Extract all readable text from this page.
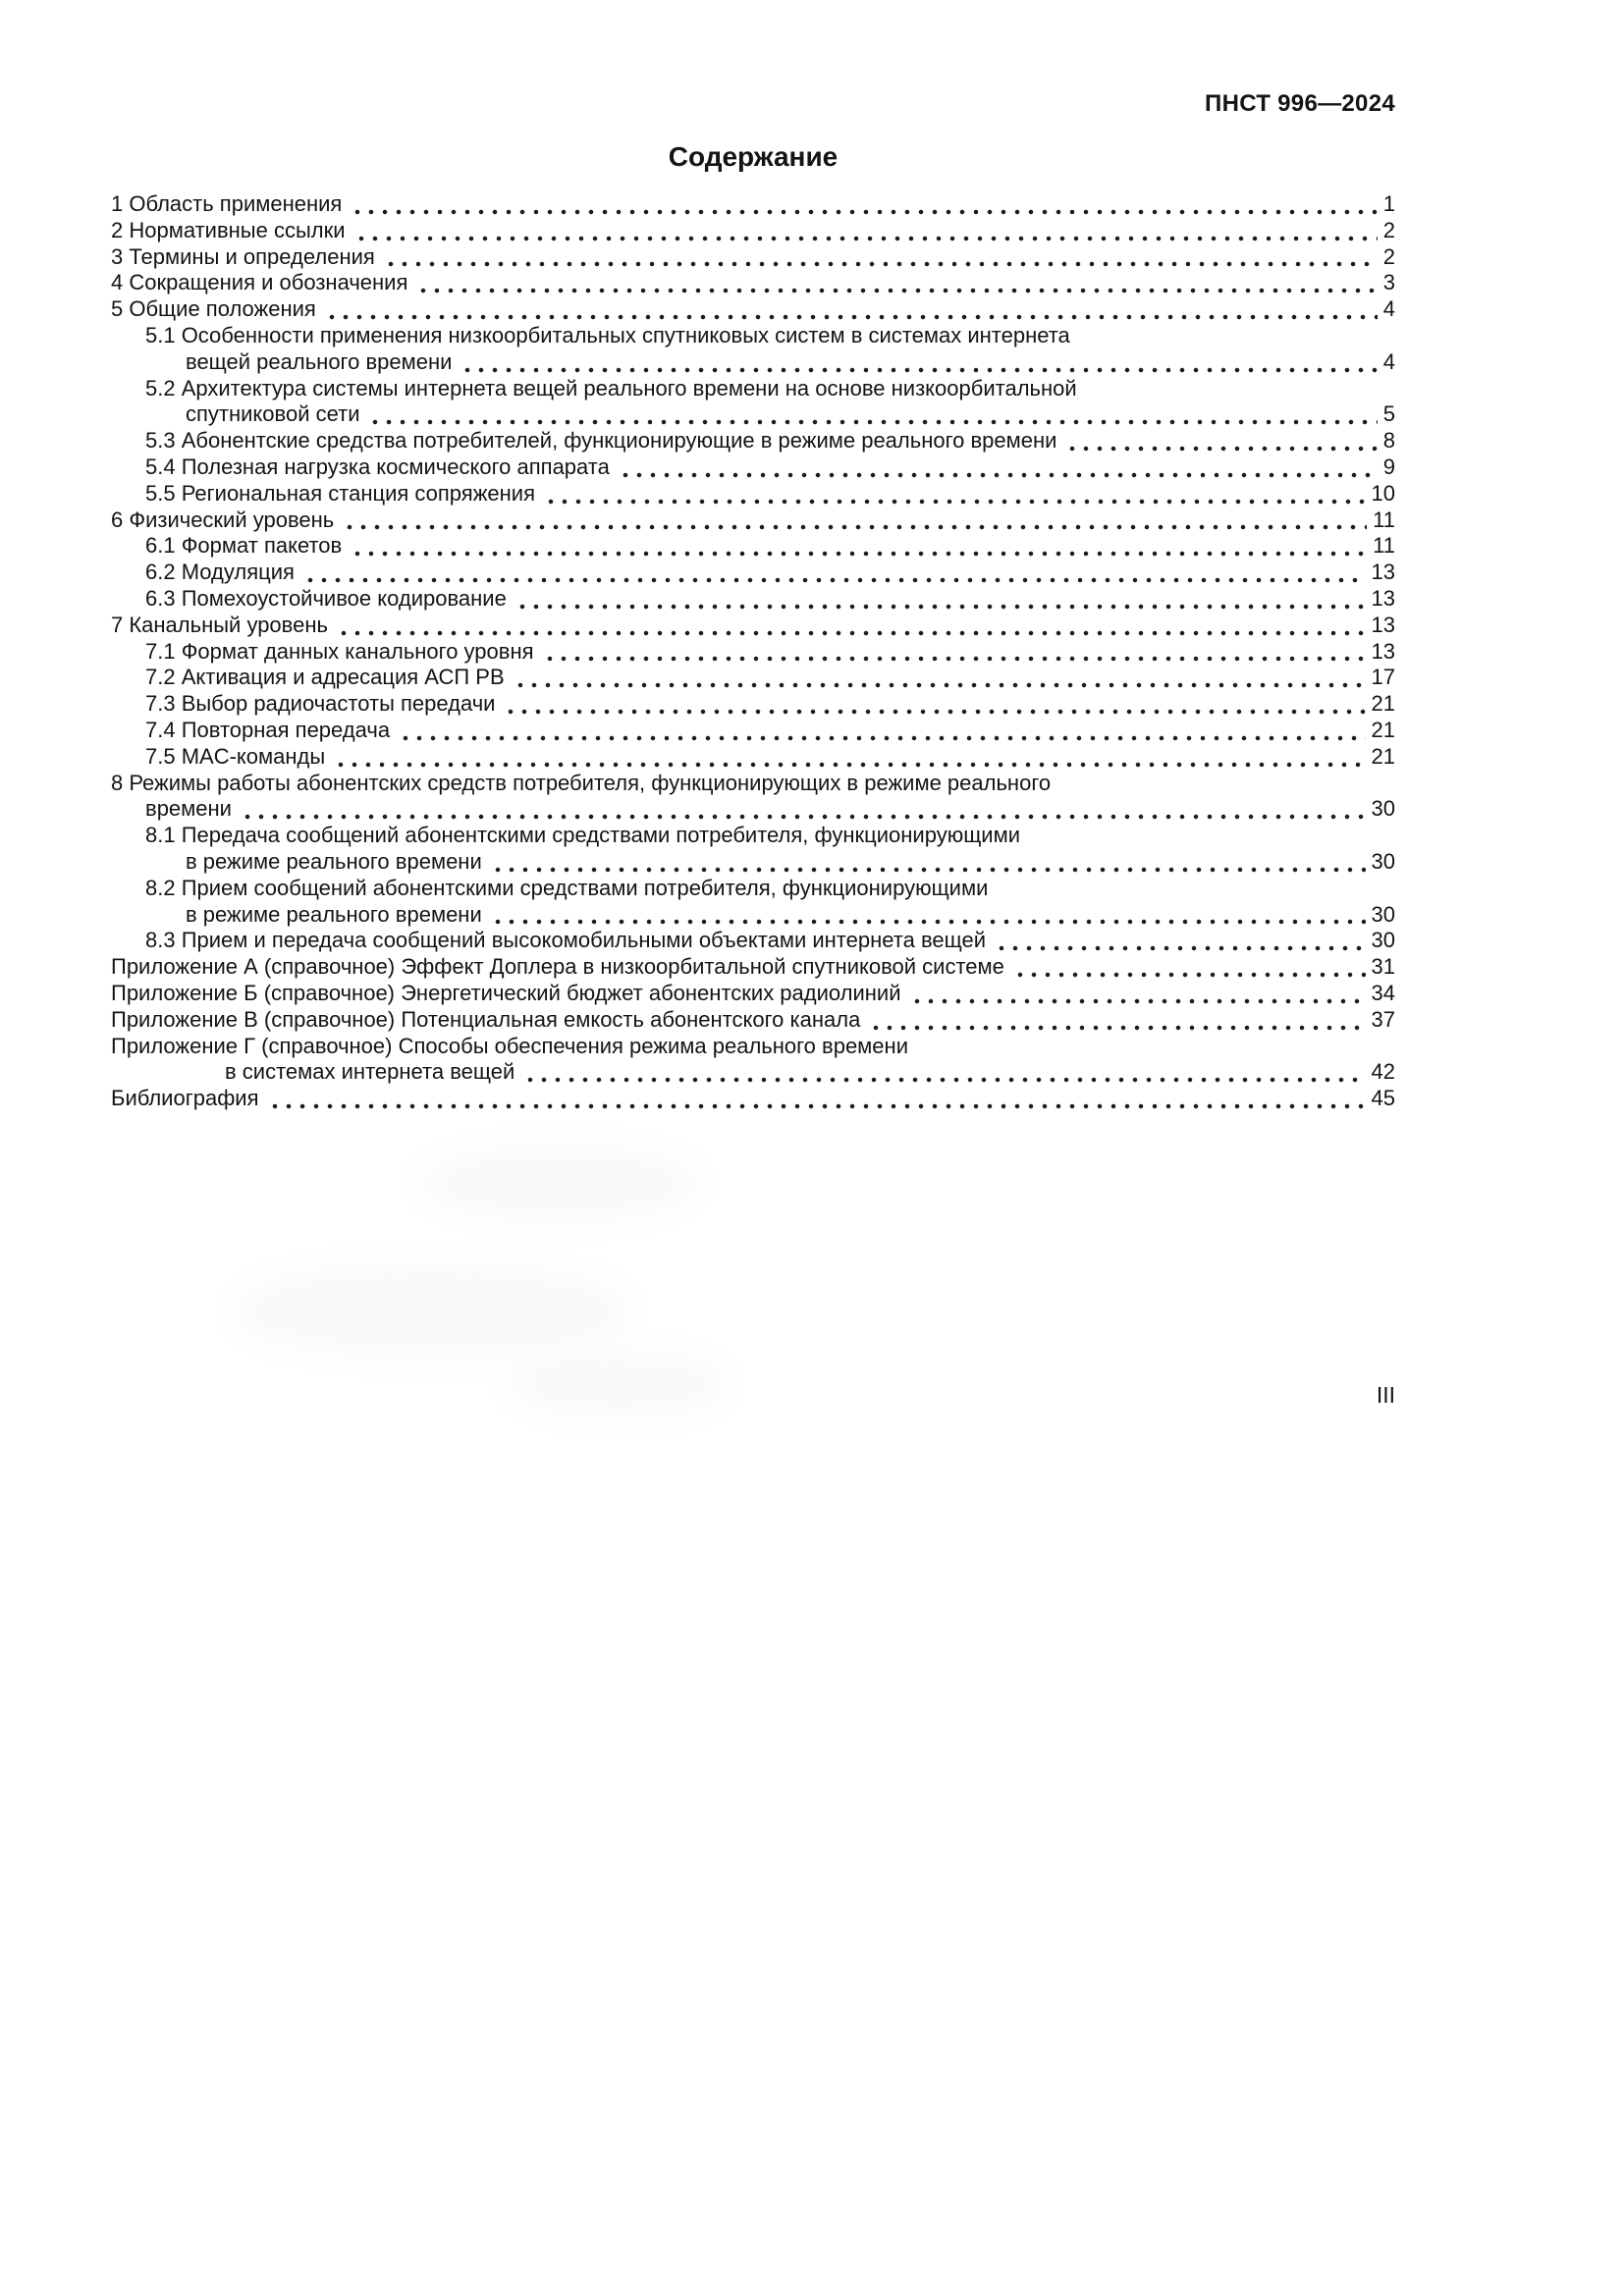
ПНСТ 996—2024
Содержание
1 Область применения	1
2 Нормативные ссылки	2
3 Термины и определения	2
4 Сокращения и обозначения	3
5 Общие положения	4
5.1 Особенности применения низкоорбитальных спутниковых систем в системах интернета
вещей реального времени	4
5.2 Архитектура системы интернета вещей реального времени на основе низкоорбитальной
спутниковой сети	5
5.3 Абонентские средства потребителей, функционирующие в режиме реального времени	8
5.4 Полезная нагрузка космического аппарата	9
5.5 Региональная станция сопряжения	10
6 Физический уровень	11
6.1 Формат пакетов	11
6.2 Модуляция	13
6.3 Помехоустойчивое кодирование	13
7 Канальный уровень	13
7.1 Формат данных канального уровня	13
7.2 Активация и адресация АСП РВ	17
7.3 Выбор радиочастоты передачи	21
7.4 Повторная передача	21
7.5 MAC-команды	21
8 Режимы работы абонентских средств потребителя, функционирующих в режиме реального
времени	30
8.1 Передача сообщений абонентскими средствами потребителя, функционирующими
в режиме реального времени	30
8.2 Прием сообщений абонентскими средствами потребителя, функционирующими
в режиме реального времени	30
8.3 Прием и передача сообщений высокомобильными объектами интернета вещей	30
Приложение А (справочное) Эффект Доплера в низкоорбитальной спутниковой системе	31
Приложение Б (справочное) Энергетический бюджет абонентских радиолиний	34
Приложение В (справочное) Потенциальная емкость абонентского канала	37
Приложение Г (справочное) Способы обеспечения режима реального времени
в системах интернета вещей	42
Библиография	45
III
